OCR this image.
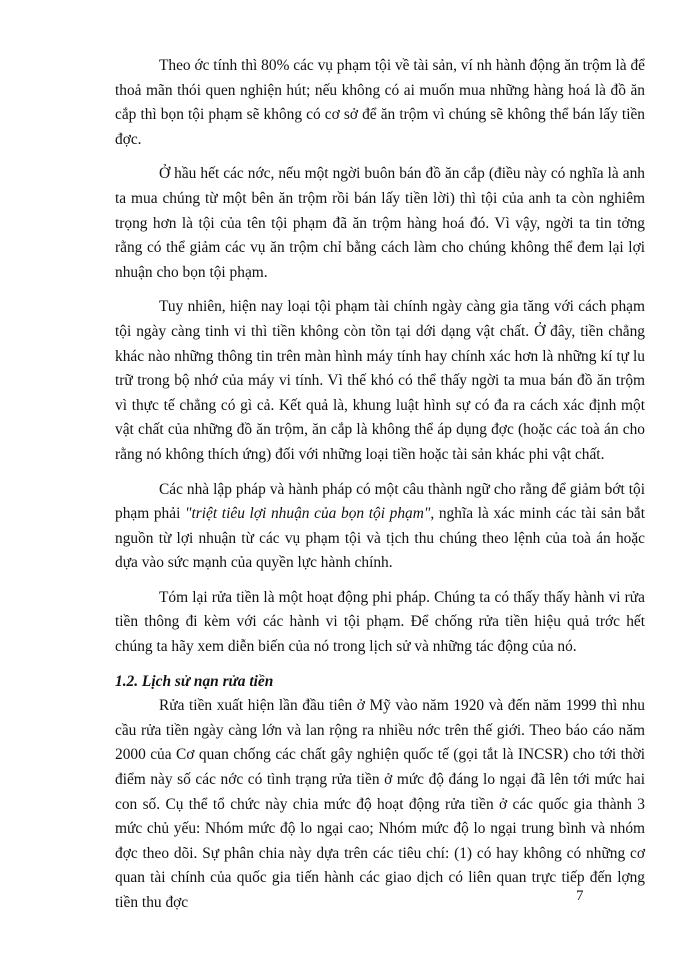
Theo ớc tính thì 80% các vụ phạm tội về tài sản, ví nh hành động ăn trộm là để thoả mãn thói quen nghiện hút; nếu không có ai muốn mua những hàng hoá là đồ ăn cắp thì bọn tội phạm sẽ không có cơ sở để ăn trộm vì chúng sẽ không thể bán lấy tiền đợc.

Ở hầu hết các nớc, nếu một ngời buôn bán đồ ăn cắp (điều này có nghĩa là anh ta mua chúng từ một bên ăn trộm rồi bán lấy tiền lời) thì tội của anh ta còn nghiêm trọng hơn là tội của tên tội phạm đã ăn trộm hàng hoá đó. Vì vậy, ngời ta tin tởng rằng có thể giảm các vụ ăn trộm chỉ bằng cách làm cho chúng không thể đem lại lợi nhuận cho bọn tội phạm.

Tuy nhiên, hiện nay loại tội phạm tài chính ngày càng gia tăng với cách phạm tội ngày càng tinh vi thì tiền không còn tồn tại dới dạng vật chất. Ở đây, tiền chẳng khác nào những thông tin trên màn hình máy tính hay chính xác hơn là những kí tự lu trữ trong bộ nhớ của máy vi tính. Vì thế khó có thể thấy ngời ta mua bán đồ ăn trộm vì thực tế chẳng có gì cả. Kết quả là, khung luật hình sự có đa ra cách xác định một vật chất của những đồ ăn trộm, ăn cắp là không thể áp dụng đợc (hoặc các toà án cho rằng nó không thích ứng) đối với những loại tiền hoặc tài sản khác phi vật chất.

Các nhà lập pháp và hành pháp có một câu thành ngữ cho rằng để giảm bớt tội phạm phải "triệt tiêu lợi nhuận của bọn tội phạm", nghĩa là xác minh các tài sản bắt nguồn từ lợi nhuận từ các vụ phạm tội và tịch thu chúng theo lệnh của toà án hoặc dựa vào sức mạnh của quyền lực hành chính.

Tóm lại rửa tiền là một hoạt động phi pháp. Chúng ta có thấy thấy hành vi rửa tiền thông đi kèm với các hành vi tội phạm. Để chống rửa tiền hiệu quả trớc hết chúng ta hãy xem diễn biến của nó trong lịch sử và những tác động của nó.

1.2. Lịch sử nạn rửa tiền

Rửa tiền xuất hiện lần đầu tiên ở Mỹ vào năm 1920 và đến năm 1999 thì nhu cầu rửa tiền ngày càng lớn và lan rộng ra nhiều nớc trên thế giới. Theo báo cáo năm 2000 của Cơ quan chống các chất gây nghiện quốc tế (gọi tắt là INCSR) cho tới thời điểm này số các nớc có tình trạng rửa tiền ở mức độ đáng lo ngại đã lên tới mức hai con số. Cụ thể tổ chức này chia mức độ hoạt động rửa tiền ở các quốc gia thành 3 mức chủ yếu: Nhóm mức độ lo ngại cao; Nhóm mức độ lo ngại trung bình và nhóm đợc theo dõi. Sự phân chia này dựa trên các tiêu chí: (1) có hay không có những cơ quan tài chính của quốc gia tiến hành các giao dịch có liên quan trực tiếp đến lợng tiền thu đợc	7
